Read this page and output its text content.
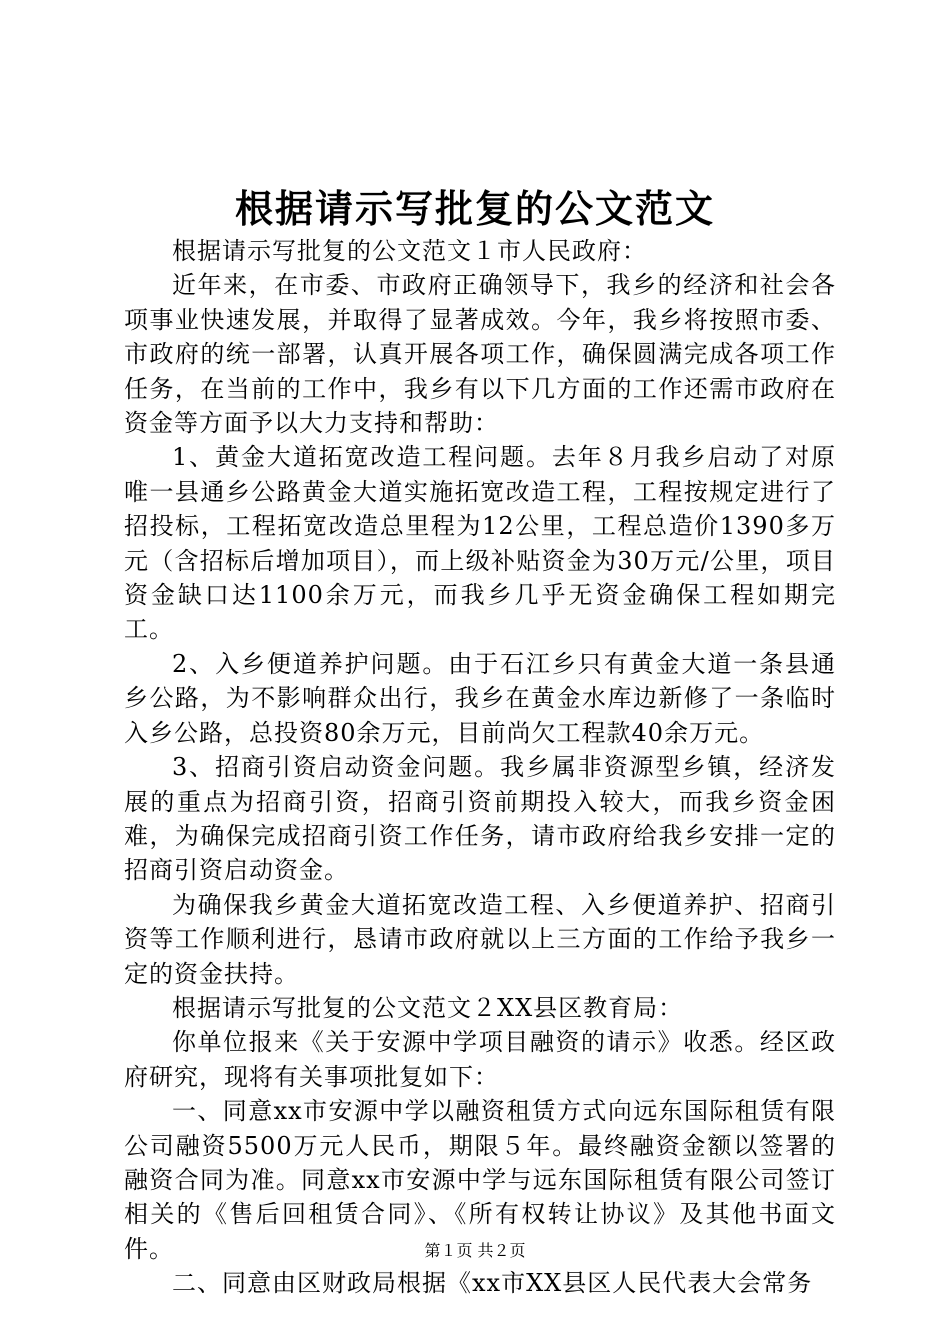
根据请示写批复的公文范文

根据请示写批复的公文范文１市人民政府：

近年来，在市委、市政府正确领导下，我乡的经济和社会各项事业快速发展，并取得了显著成效。今年，我乡将按照市委、市政府的统一部署，认真开展各项工作，确保圆满完成各项工作任务，在当前的工作中，我乡有以下几方面的工作还需市政府在资金等方面予以大力支持和帮助：

1、黄金大道拓宽改造工程问题。去年８月我乡启动了对原唯一县通乡公路黄金大道实施拓宽改造工程，工程按规定进行了招投标，工程拓宽改造总里程为12公里，工程总造价1390多万元（含招标后增加项目），而上级补贴资金为30万元/公里，项目资金缺口达1100余万元，而我乡几乎无资金确保工程如期完工。

2、入乡便道养护问题。由于石江乡只有黄金大道一条县通乡公路，为不影响群众出行，我乡在黄金水库边新修了一条临时入乡公路，总投资80余万元，目前尚欠工程款40余万元。

3、招商引资启动资金问题。我乡属非资源型乡镇，经济发展的重点为招商引资，招商引资前期投入较大，而我乡资金困难，为确保完成招商引资工作任务，请市政府给我乡安排一定的招商引资启动资金。

为确保我乡黄金大道拓宽改造工程、入乡便道养护、招商引资等工作顺利进行，恳请市政府就以上三方面的工作给予我乡一定的资金扶持。

根据请示写批复的公文范文２XX县区教育局：

你单位报来《关于安源中学项目融资的请示》收悉。经区政府研究，现将有关事项批复如下：

一、同意xx市安源中学以融资租赁方式向远东国际租赁有限公司融资5500万元人民币，期限５年。最终融资金额以签署的融资合同为准。同意xx市安源中学与远东国际租赁有限公司签订相关的《售后回租赁合同》、《所有权转让协议》及其他书面文件。

二、同意由区财政局根据《xx市XX县区人民代表大会常务

第１页 共２页
